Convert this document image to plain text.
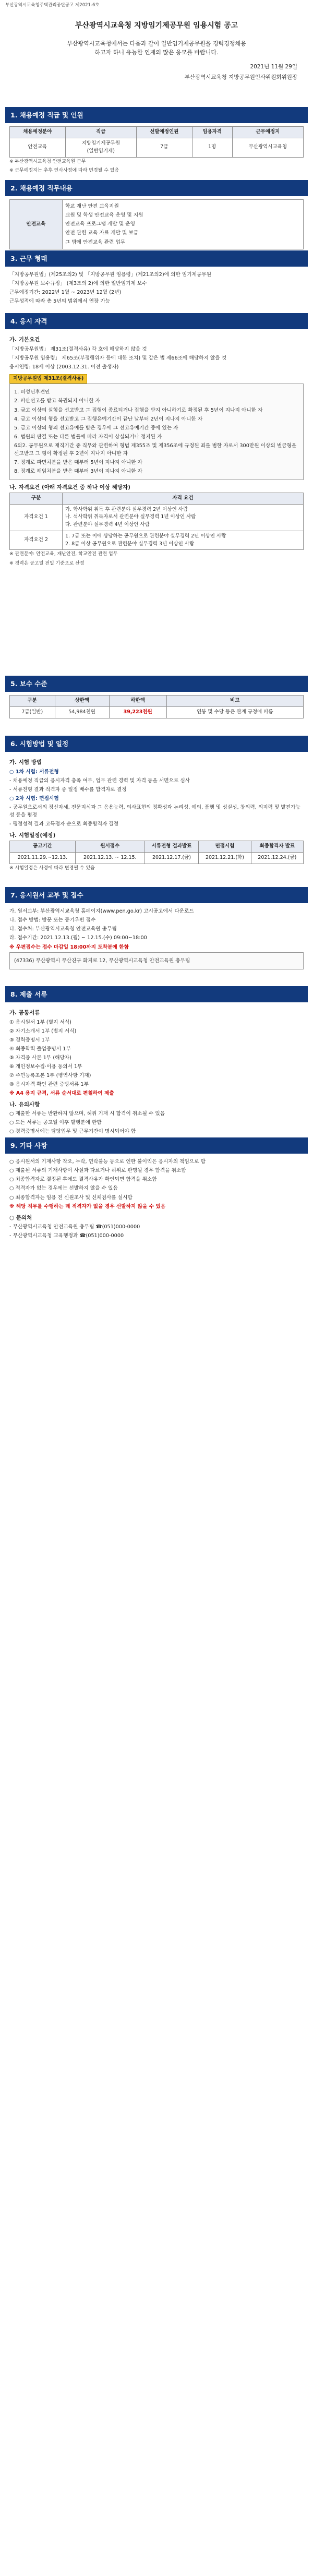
부산광역시교육청주택관리공단공고 제2021-6호
부산광역시교육청 지방임기제공무원 임용시험 공고
부산광역시교육청에서는 다음과 같이 일반임기제공무원을 경력경쟁채용
하고자 하니 유능한 인재의 많은 응모를 바랍니다.
2021년 11월 29일
부산광역시교육청 지방공무원인사위원회위원장
1. 채용예정 직급 및 인원
채용예정분야	직급	선발예정인원	임용자격	근무예정지
안전교육	지방임기제공무원
(일반임기제)	7급	1명	부산광역시교육청
※ 부산광역시교육청 안전교육원 근무
※ 근무예정지는 추후 인사사정에 따라 변경될 수 있음
2. 채용예정 직무내용
안전교육	
학교 재난 안전 교육지원
교원 및 학생 안전교육 운영 및 지원
안전교육 프로그램 개발 및 운영
안전 관련 교육 자료 개발 및 보급
그 밖에 안전교육 관련 업무
3. 근무 형태
「지방공무원법」(제25조의2) 및 「지방공무원 임용령」(제21조의2)에 의한 임기제공무원
「지방공무원 보수규정」 (제3조의 2)에 의한 일반임기제 보수
근무예정기간: 2022년 1월 ~ 2023년 12월 (2년)
근무성적에 따라 총 5년의 범위에서 연장 가능
4. 응시 자격
가. 기본요건
「지방공무원법」 제31조(결격사유) 각 호에 해당하지 않을 것
「지방공무원 임용령」 제65조(부정행위자 등에 대한 조치) 및 같은 법 제66조에 해당하지 않을 것
응시연령: 18세 이상 (2003.12.31. 이전 출생자)
지방공무원법 제31조(결격사유)
1. 피성년후견인
2. 파산선고를 받고 복권되지 아니한 자
3. 금고 이상의 실형을 선고받고 그 집행이 종료되거나 집행을 받지 아니하기로 확정된 후 5년이 지나지 아니한 자
4. 금고 이상의 형을 선고받고 그 집행유예기간이 끝난 날부터 2년이 지나지 아니한 자
5. 금고 이상의 형의 선고유예를 받은 경우에 그 선고유예기간 중에 있는 자
6. 법원의 판결 또는 다른 법률에 따라 자격이 상실되거나 정지된 자
6의2. 공무원으로 재직기간 중 직무와 관련하여 형법 제355조 및 제356조에 규정된 죄를 범한 자로서 300만원 이상의 벌금형을 선고받고 그 형이 확정된 후 2년이 지나지 아니한 자
7. 징계로 파면처분을 받은 때부터 5년이 지나지 아니한 자
8. 징계로 해임처분을 받은 때부터 3년이 지나지 아니한 자
나. 자격요건 (아래 자격요건 중 하나 이상 해당자)
구분	자격 요건
자격요건 1	가. 학사학위 취득 후 관련분야 실무경력 2년 이상인 사람
나. 석사학위 취득자로서 관련분야 실무경력 1년 이상인 사람
다. 관련분야 실무경력 4년 이상인 사람
자격요건 2	1. 7급 또는 이에 상당하는 공무원으로 관련분야 실무경력 2년 이상인 사람
2. 8급 이상 공무원으로 관련분야 실무경력 3년 이상인 사람
※ 관련분야: 안전교육, 재난안전, 학교안전 관련 업무
※ 경력은 공고일 전일 기준으로 산정
5. 보수 수준
구분	상한액	하한액	비고
7급(일반)	54,984천원	39,223천원	연봉 및 수당 등은 관계 규정에 따름
6. 시험방법 및 일정
가. 시험 방법
○ 1차 시험: 서류전형
- 채용예정 직급의 응시자격 충족 여부, 업무 관련 경력 및 자격 등을 서면으로 심사
- 서류전형 결과 적격자 중 일정 배수를 합격자로 결정
○ 2차 시험: 면접시험
- 공무원으로서의 정신자세, 전문지식과 그 응용능력, 의사표현의 정확성과 논리성, 예의, 품행 및 성실성, 창의력, 의지력 및 발전가능성 등을 평정
- 평정성적 결과 고득점자 순으로 최종합격자 결정
나. 시험일정(예정)
공고기간	원서접수	서류전형 결과발표	면접시험	최종합격자 발표
2021.11.29.~12.13.	2021.12.13. ~ 12.15.	2021.12.17.(금)	2021.12.21.(화)	2021.12.24.(금)
※ 시험일정은 사정에 따라 변경될 수 있음
7. 응시원서 교부 및 접수
가. 원서교부: 부산광역시교육청 홈페이지(www.pen.go.kr) 고시공고에서 다운로드
나. 접수 방법: 방문 또는 등기우편 접수
다. 접수처: 부산광역시교육청 안전교육원 총무팀
라. 접수기간: 2021.12.13.(월) ~ 12.15.(수) 09:00~18:00
※ 우편접수는 접수 마감일 18:00까지 도착분에 한함
(47336) 부산광역시 부산진구 화지로 12, 부산광역시교육청 안전교육원 총무팀
8. 제출 서류
가. 공통서류
① 응시원서 1부 (별지 서식)
② 자기소개서 1부 (별지 서식)
③ 경력증명서 1부
④ 최종학력 졸업증명서 1부
⑤ 자격증 사본 1부 (해당자)
⑥ 개인정보수집·이용 동의서 1부
⑦ 주민등록초본 1부 (병역사항 기재)
⑧ 응시자격 확인 관련 증빙서류 1부
※ A4 용지 규격, 서류 순서대로 편철하여 제출
나. 유의사항
○ 제출한 서류는 반환하지 않으며, 허위 기재 시 합격이 취소될 수 있음
○ 모든 서류는 공고일 이후 발행분에 한함
○ 경력증명서에는 담당업무 및 근무기간이 명시되어야 함
9. 기타 사항
○ 응시원서의 기재사항 착오, 누락, 연락불능 등으로 인한 불이익은 응시자의 책임으로 함
○ 제출된 서류의 기재사항이 사실과 다르거나 허위로 판명될 경우 합격을 취소함
○ 최종합격자로 결정된 후에도 결격사유가 확인되면 합격을 취소함
○ 적격자가 없는 경우에는 선발하지 않을 수 있음
○ 최종합격자는 임용 전 신원조사 및 신체검사를 실시함
※ 해당 직무를 수행하는 데 적격자가 없을 경우 선발하지 않을 수 있음
○ 문의처
- 부산광역시교육청 안전교육원 총무팀 ☎(051)000-0000
- 부산광역시교육청 교육행정과 ☎(051)000-0000
